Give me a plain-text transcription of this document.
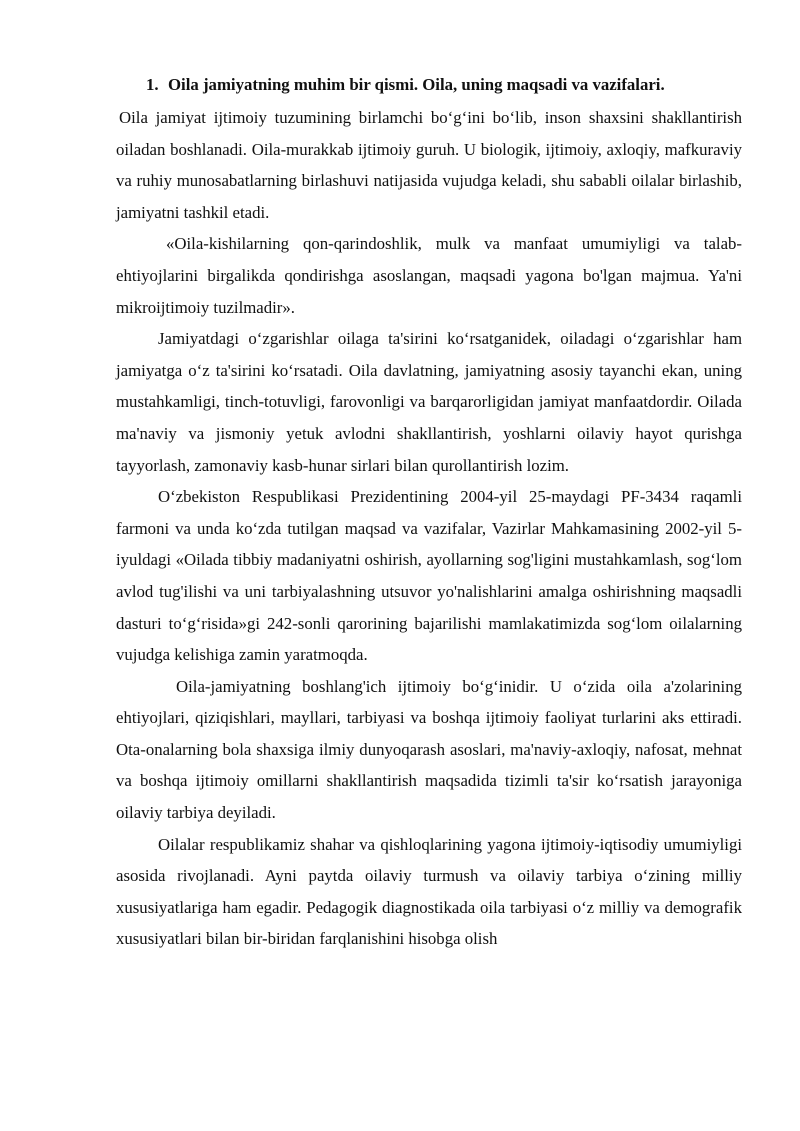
1. Oila jamiyatning muhim bir qismi. Oila, uning maqsadi va vazifalari.

Oila jamiyat ijtimoiy tuzumining birlamchi bo‘g‘ini bo‘lib, inson shaxsini shakllantirish oiladan boshlanadi. Oila-murakkab ijtimoiy guruh. U biologik, ijtimoiy, axloqiy, mafkuraviy va ruhiy munosabatlarning birlashuvi natijasida vujudga keladi, shu sababli oilalar birlashib, jamiyatni tashkil etadi.

«Oila-kishilarning qon-qarindoshlik, mulk va manfaat umumiyligi va talab-ehtiyojlarini birgalikda qondirishga asoslangan, maqsadi yagona bo'lgan majmua. Ya'ni mikroijtimoiy tuzilmadir».

Jamiyatdagi o‘zgarishlar oilaga ta'sirini ko‘rsatganidek, oiladagi o‘zgarishlar ham jamiyatga o‘z ta'sirini ko‘rsatadi. Oila davlatning, jamiyatning asosiy tayanchi ekan, uning mustahkamligi, tinch-totuvligi, farovonligi va barqarorligidan jamiyat manfaatdordir. Oilada ma'naviy va jismoniy yetuk avlodni shakllantirish, yoshlarni oilaviy hayot qurishga tayyorlash, zamonaviy kasb-hunar sirlari bilan qurollantirish lozim.

O‘zbekiston Respublikasi Prezidentining 2004-yil 25-maydagi PF-3434 raqamli farmoni va unda ko‘zda tutilgan maqsad va vazifalar, Vazirlar Mahkamasining 2002-yil 5-iyuldagi «Oilada tibbiy madaniyatni oshirish, ayollarning sog'ligini mustahkamlash, sog‘lom avlod tug'ilishi va uni tarbiyalashning utsuvor yo'nalishlarini amalga oshirishning maqsadli dasturi to‘g‘risida»gi 242-sonli qarorining bajarilishi mamlakatimizda sog‘lom oilalarning vujudga kelishiga zamin yaratmoqda.

Oila-jamiyatning boshlang'ich ijtimoiy bo‘g‘inidir. U o‘zida oila a'zolarining ehtiyojlari, qiziqishlari, mayllari, tarbiyasi va boshqa ijtimoiy faoliyat turlarini aks ettiradi. Ota-onalarning bola shaxsiga ilmiy dunyoqarash asoslari, ma'naviy-axloqiy, nafosat, mehnat va boshqa ijtimoiy omillarni shakllantirish maqsadida tizimli ta'sir ko‘rsatish jarayoniga oilaviy tarbiya deyiladi.

Oilalar respublikamiz shahar va qishloqlarining yagona ijtimoiy-iqtisodiy umumiyligi asosida rivojlanadi. Ayni paytda oilaviy turmush va oilaviy tarbiya o‘zining milliy xususiyatlariga ham egadir. Pedagogik diagnostikada oila tarbiyasi o‘z milliy va demografik xususiyatlari bilan bir-biridan farqlanishini hisobga olish
